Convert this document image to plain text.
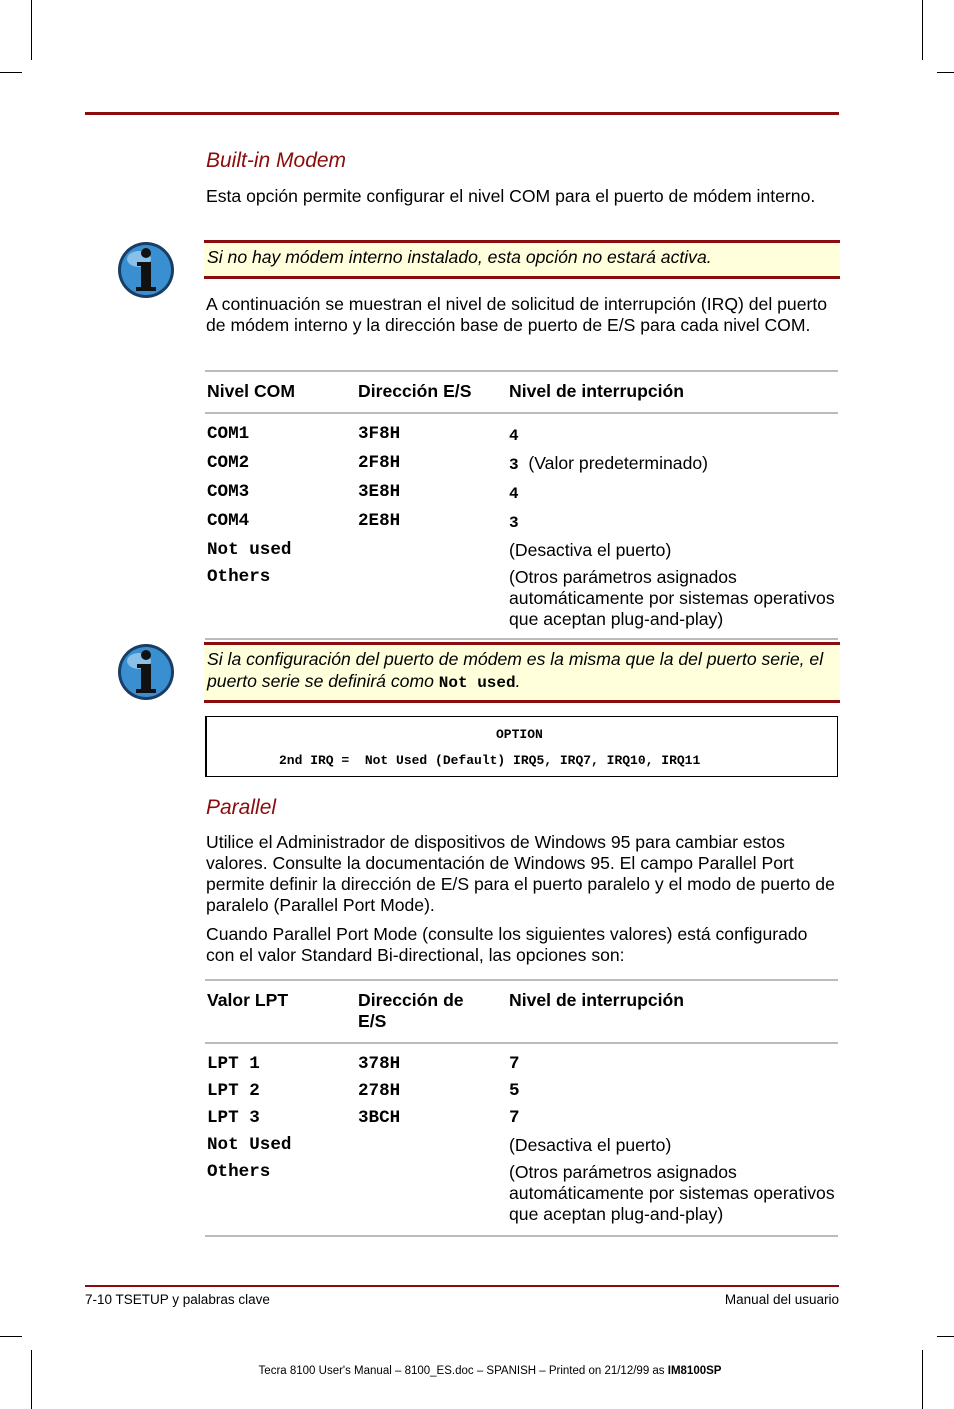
Built-in Modem
Esta opción permite configurar el nivel COM para el puerto de módem interno.
Si no hay módem interno instalado, esta opción no estará activa.
A continuación se muestran el nivel de solicitud de interrupción (IRQ) del puerto de módem interno y la dirección base de puerto de E/S para cada nivel COM.
Nivel COM	Dirección E/S	Nivel de interrupción
COM1	3F8H	4
COM2	2F8H	3 (Valor predeterminado)
COM3	3E8H	4
COM4	2E8H	3
Not used		(Desactiva el puerto)
Others		(Otros parámetros asignados automáticamente por sistemas operativos que aceptan plug-and-play)
Si la configuración del puerto de módem es la misma que la del puerto serie, el puerto serie se definirá como Not used.

OPTION

2nd IRQ =  Not Used (Default) IRQ5, IRQ7, IRQ10, IRQ11

Parallel
Utilice el Administrador de dispositivos de Windows 95 para cambiar estos valores. Consulte la documentación de Windows 95. El campo Parallel Port permite definir la dirección de E/S para el puerto paralelo y el modo de puerto de paralelo (Parallel Port Mode).
Cuando Parallel Port Mode (consulte los siguientes valores) está configurado con el valor Standard Bi-directional, las opciones son:
Valor LPT	Dirección de E/S	Nivel de interrupción
LPT 1	378H	7
LPT 2	278H	5
LPT 3	3BCH	7
Not Used		(Desactiva el puerto)
Others		(Otros parámetros asignados automáticamente por sistemas operativos que aceptan plug-and-play)
7-10 TSETUP y palabras clave	Manual del usuario
Tecra 8100 User's Manual – 8100_ES.doc – SPANISH – Printed on 21/12/99 as IM8100SP
